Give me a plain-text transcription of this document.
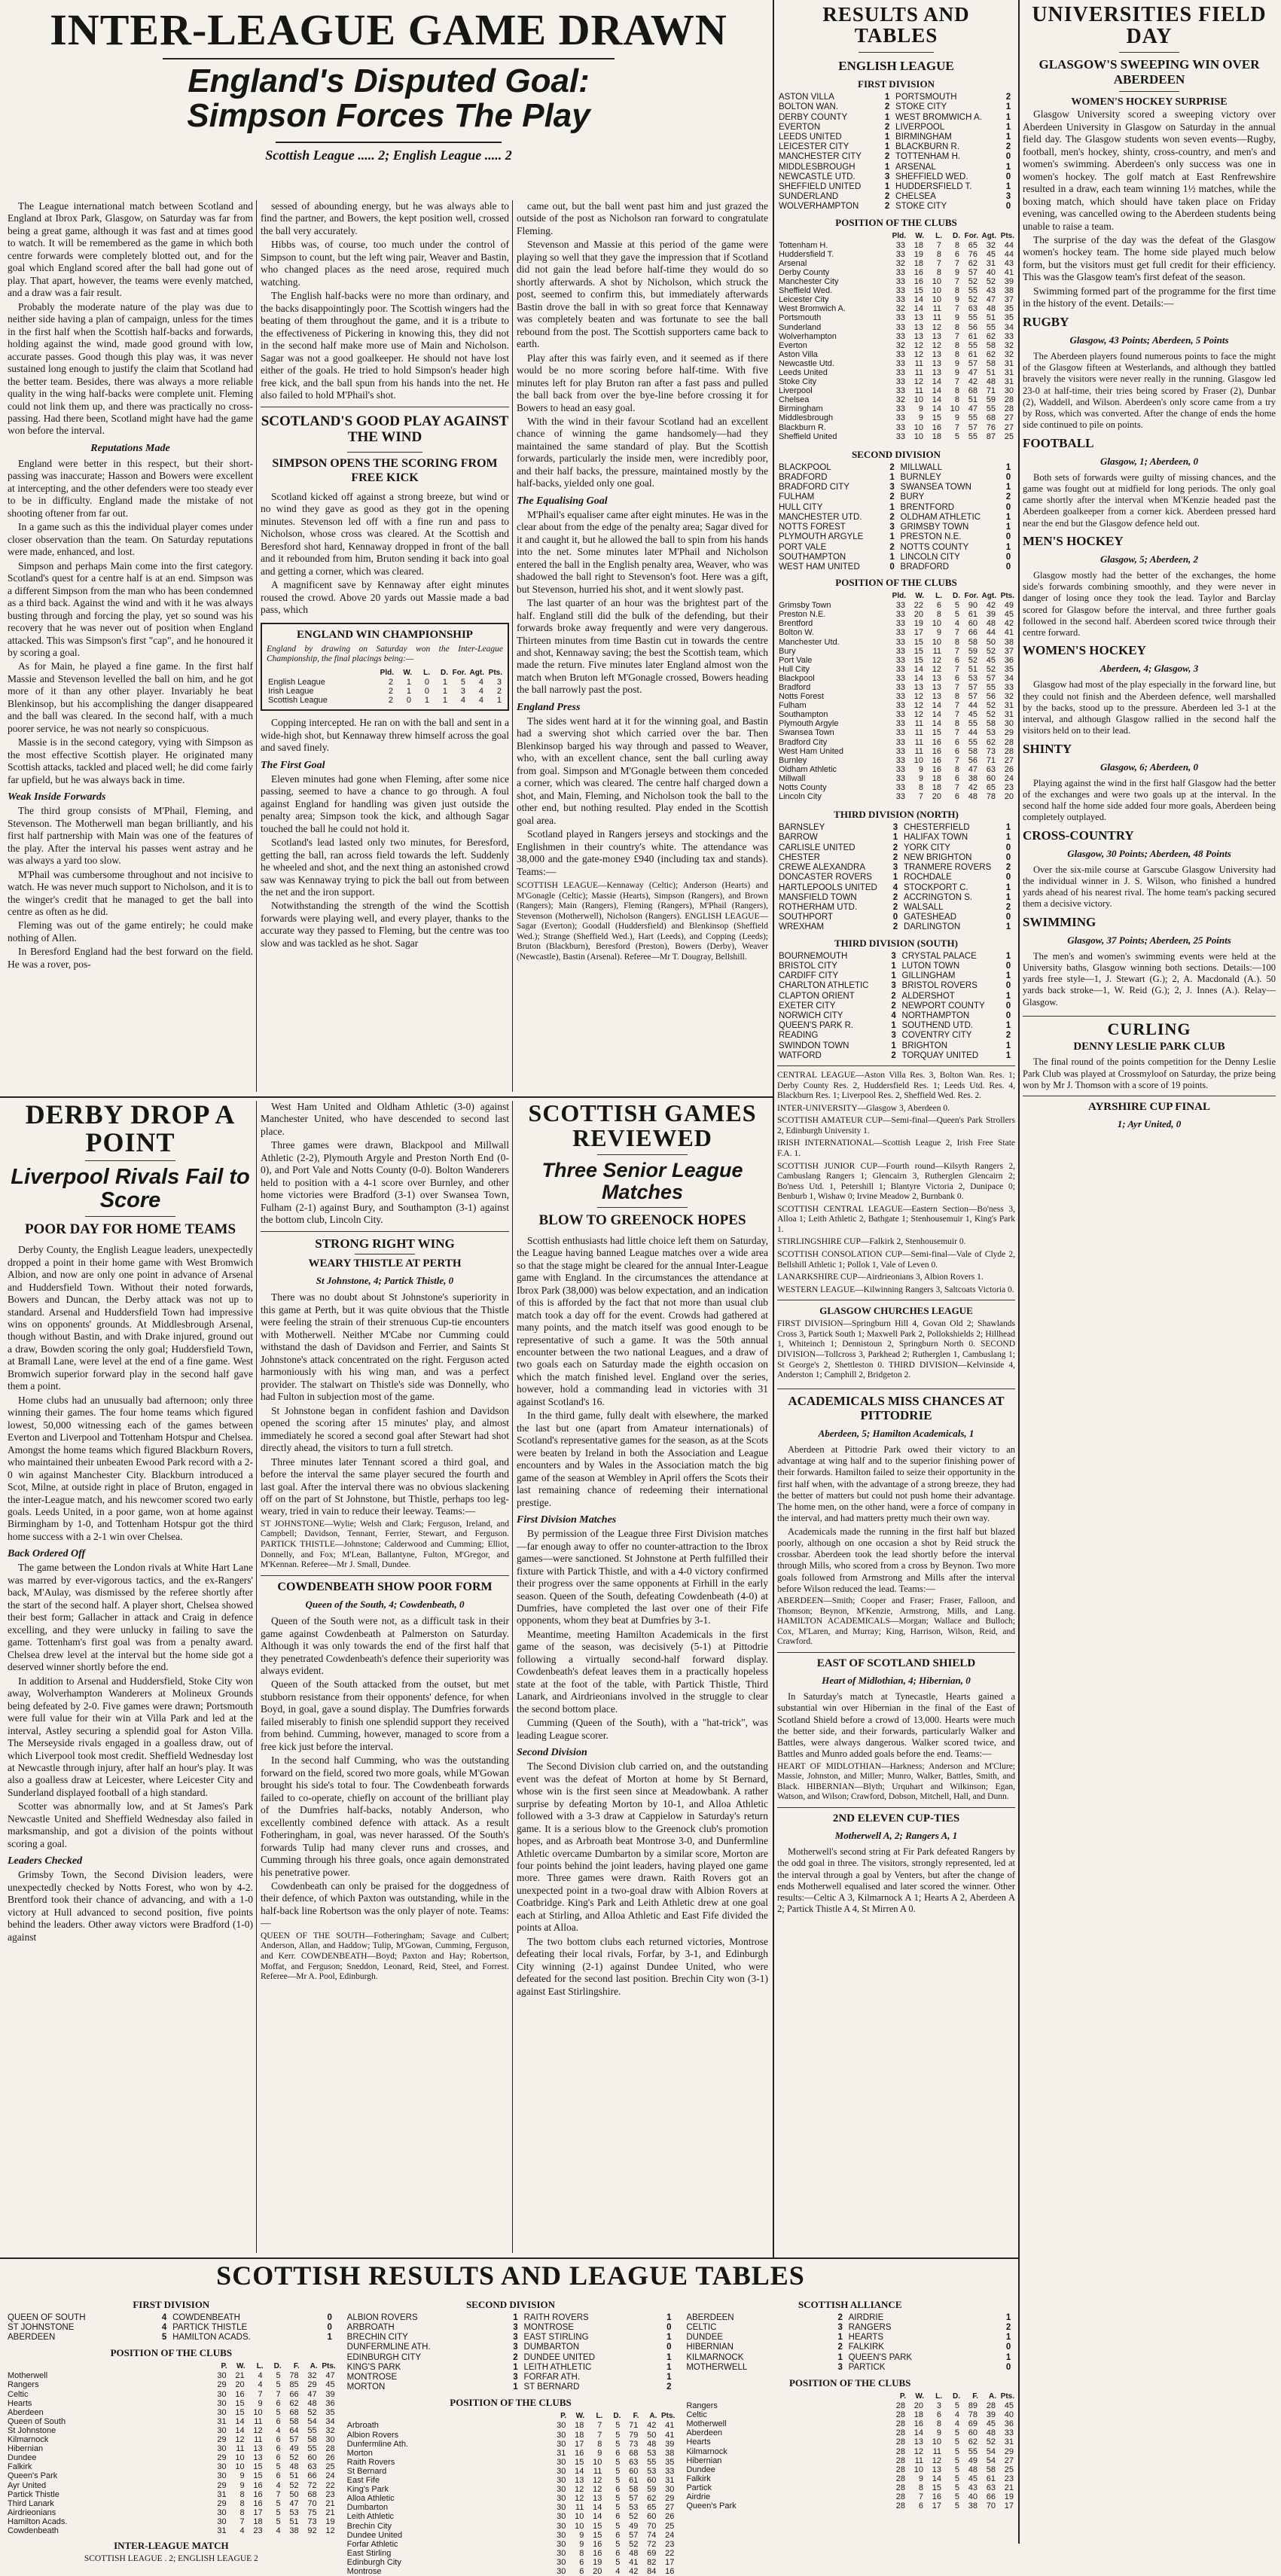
INTER-LEAGUE GAME DRAWN
England's Disputed Goal: Simpson Forces The Play
Scottish League ..... 2; English League ..... 2

The League international match between Scotland and England at Ibrox Park, Glasgow, on Saturday was far from being a great game, although it was fast and at times good to watch. It will be remembered as the game in which both centre forwards were completely blotted out, and for the goal which England scored after the ball had gone out of play. That apart, however, the teams were evenly matched, and a draw was a fair result.

Probably the moderate nature of the play was due to neither side having a plan of campaign, unless for the times in the first half when the Scottish half-backs and forwards, holding against the wind, made good ground with low, accurate passes. Good though this play was, it was never sustained long enough to justify the claim that Scotland had the better team. Besides, there was always a more reliable quality in the wing half-backs were complete unit. Fleming could not link them up, and there was practically no cross-passing. Had there been, Scotland might have had the game won before the interval.

Reputations Made

England were better in this respect, but their short-passing was inaccurate; Hasson and Bowers were excellent at intercepting, and the other defenders were too steady ever to be in difficulty. England made the mistake of not shooting oftener from far out.

In a game such as this the individual player comes under closer observation than the team. On Saturday reputations were made, enhanced, and lost.

Simpson and perhaps Main come into the first category. Scotland's quest for a centre half is at an end. Simpson was a different Simpson from the man who has been condemned as a third back. Against the wind and with it he was always busting through and forcing the play, yet so sound was his recovery that he was never out of position when England attacked. This was Simpson's first "cap", and he honoured it by scoring a goal.

As for Main, he played a fine game. In the first half Massie and Stevenson levelled the ball on him, and he got more of it than any other player. Invariably he beat Blenkinsop, but his accomplishing the danger disappeared and the ball was cleared. In the second half, with a much poorer service, he was not nearly so conspicuous.

Massie is in the second category, vying with Simpson as the most effective Scottish player. He originated many Scottish attacks, tackled and placed well; he did come fairly far upfield, but he was always back in time.

Weak Inside Forwards

The third group consists of M'Phail, Fleming, and Stevenson. The Motherwell man began brilliantly, and his first half partnership with Main was one of the features of the play. After the interval his passes went astray and he was always a yard too slow.

M'Phail was cumbersome throughout and not incisive to watch. He was never much support to Nicholson, and it is to the winger's credit that he managed to get the ball into centre as often as he did.

Fleming was out of the game entirely; he could make nothing of Allen.

In Beresford England had the best forward on the field. He was a rover, pos-

sessed of abounding energy, but he was always able to find the partner, and Bowers, the kept position well, crossed the ball very accurately.

Hibbs was, of course, too much under the control of Simpson to count, but the left wing pair, Weaver and Bastin, who changed places as the need arose, required much watching.

The English half-backs were no more than ordinary, and the backs disappointingly poor. The Scottish wingers had the beating of them throughout the game, and it is a tribute to the effectiveness of Pickering in knowing this, they did not in the second half make more use of Main and Nicholson. Sagar was not a good goalkeeper. He should not have lost either of the goals. He tried to hold Simpson's header high free kick, and the ball spun from his hands into the net. He also failed to hold M'Phail's shot.

SCOTLAND'S GOOD PLAY AGAINST THE WIND
SIMPSON OPENS THE SCORING FROM FREE KICK

Scotland kicked off against a strong breeze, but wind or no wind they gave as good as they got in the opening minutes. Stevenson led off with a fine run and pass to Nicholson, whose cross was cleared. At the Scottish and Beresford shot hard, Kennaway dropped in front of the ball and it rebounded from him, Bruton sending it back into goal and getting a corner, which was cleared.

A magnificent save by Kennaway after eight minutes roused the crowd. Above 20 yards out Massie made a bad pass, which

ENGLAND WIN CHAMPIONSHIP
England by drawing on Saturday won the Inter-League Championship, the final placings being:—
	Pld.	W.	L.	D.	For.	Agt.	Pts.
English League	2	1	0	1	5	4	3
Irish League	2	1	0	1	3	4	2
Scottish League	2	0	1	1	4	4	1

Copping intercepted. He ran on with the ball and sent in a wide-high shot, but Kennaway threw himself across the goal and saved finely.

The First Goal

Eleven minutes had gone when Fleming, after some nice passing, seemed to have a chance to go through. A foul against England for handling was given just outside the penalty area; Simpson took the kick, and although Sagar touched the ball he could not hold it.

Scotland's lead lasted only two minutes, for Beresford, getting the ball, ran across field towards the left. Suddenly he wheeled and shot, and the next thing an astonished crowd saw was Kennaway trying to pick the ball out from between the net and the iron support.

Notwithstanding the strength of the wind the Scottish forwards were playing well, and every player, thanks to the accurate way they passed to Fleming, but the centre was too slow and was tackled as he shot. Sagar

came out, but the ball went past him and just grazed the outside of the post as Nicholson ran forward to congratulate Fleming.

Stevenson and Massie at this period of the game were playing so well that they gave the impression that if Scotland did not gain the lead before half-time they would do so shortly afterwards. A shot by Nicholson, which struck the post, seemed to confirm this, but immediately afterwards Bastin drove the ball in with so great force that Kennaway was completely beaten and was fortunate to see the ball rebound from the post. The Scottish supporters came back to earth.

Play after this was fairly even, and it seemed as if there would be no more scoring before half-time. With five minutes left for play Bruton ran after a fast pass and pulled the ball back from over the bye-line before crossing it for Bowers to head an easy goal.

With the wind in their favour Scotland had an excellent chance of winning the game handsomely—had they maintained the same standard of play. But the Scottish forwards, particularly the inside men, were incredibly poor, and their half backs, the pressure, maintained mostly by the half-backs, yielded only one goal.

The Equalising Goal

M'Phail's equaliser came after eight minutes. He was in the clear about from the edge of the penalty area; Sagar dived for it and caught it, but he allowed the ball to spin from his hands into the net. Some minutes later M'Phail and Nicholson entered the ball in the English penalty area, Weaver, who was shadowed the ball right to Stevenson's foot. Here was a gift, but Stevenson, hurried his shot, and it went slowly past.

The last quarter of an hour was the brightest part of the half. England still did the bulk of the defending, but their forwards broke away frequently and were very dangerous. Thirteen minutes from time Bastin cut in towards the centre and shot, Kennaway saving; the best the Scottish team, which made the return. Five minutes later England almost won the match when Bruton left M'Gonagle crossed, Bowers heading the ball narrowly past the post.

England Press

The sides went hard at it for the winning goal, and Bastin had a swerving shot which carried over the bar. Then Blenkinsop barged his way through and passed to Weaver, who, with an excellent chance, sent the ball curling away from goal. Simpson and M'Gonagle between them conceded a corner, which was cleared. The centre half charged down a shot, and Main, Fleming, and Nicholson took the ball to the other end, but nothing resulted. Play ended in the Scottish goal area.

Scotland played in Rangers jerseys and stockings and the Englishmen in their country's white. The attendance was 38,000 and the gate-money £940 (including tax and stands). Teams:—

SCOTTISH LEAGUE—Kennaway (Celtic); Anderson (Hearts) and M'Gonagle (Celtic); Massie (Hearts), Simpson (Rangers), and Brown (Rangers); Main (Rangers), Fleming (Rangers), M'Phail (Rangers), Stevenson (Motherwell), Nicholson (Rangers). ENGLISH LEAGUE—Sagar (Everton); Goodall (Huddersfield) and Blenkinsop (Sheffield Wed.); Strange (Sheffield Wed.), Hart (Leeds), and Copping (Leeds); Bruton (Blackburn), Beresford (Preston), Bowers (Derby), Weaver (Newcastle), Bastin (Arsenal). Referee—Mr T. Dougray, Bellshill.
RESULTS AND TABLES
ENGLISH LEAGUE
FIRST DIVISION
ASTON VILLA	1	PORTSMOUTH	2
BOLTON WAN.	2	STOKE CITY	1
DERBY COUNTY	1	WEST BROMWICH A.	1
EVERTON	2	LIVERPOOL	1
LEEDS UNITED	1	BIRMINGHAM	1
LEICESTER CITY	1	BLACKBURN R.	2
MANCHESTER CITY	2	TOTTENHAM H.	0
MIDDLESBROUGH	1	ARSENAL	1
NEWCASTLE UTD.	3	SHEFFIELD WED.	0
SHEFFIELD UNITED	1	HUDDERSFIELD T.	1
SUNDERLAND	2	CHELSEA	3
WOLVERHAMPTON	2	STOKE CITY	0
POSITION OF THE CLUBS
	Pld.	W.	L.	D.	For.	Agt.	Pts.
Tottenham H.	33	18	7	8	65	32	44
Huddersfield T.	33	19	8	6	76	45	44
Arsenal	32	18	7	7	62	31	43
Derby County	33	16	8	9	57	40	41
Manchester City	33	16	10	7	52	52	39
Sheffield Wed.	33	15	10	8	55	43	38
Leicester City	33	14	10	9	52	47	37
West Bromwich A.	32	14	11	7	63	48	35
Portsmouth	33	13	11	9	55	51	35
Sunderland	33	13	12	8	56	55	34
Wolverhampton	33	13	13	7	61	62	33
Everton	32	12	12	8	55	58	32
Aston Villa	33	12	13	8	61	62	32
Newcastle Utd.	33	11	13	9	57	58	31
Leeds United	33	11	13	9	47	51	31
Stoke City	33	12	14	7	42	48	31
Liverpool	33	11	14	8	68	71	30
Chelsea	32	10	14	8	51	59	28
Birmingham	33	9	14	10	47	55	28
Middlesbrough	33	9	15	9	55	68	27
Blackburn R.	33	10	16	7	57	76	27
Sheffield United	33	10	18	5	55	87	25
SECOND DIVISION
BLACKPOOL	2	MILLWALL	1
BRADFORD	1	BURNLEY	0
BRADFORD CITY	3	SWANSEA TOWN	1
FULHAM	2	BURY	2
HULL CITY	1	BRENTFORD	0
MANCHESTER UTD.	2	OLDHAM ATHLETIC	1
NOTTS FOREST	3	GRIMSBY TOWN	1
PLYMOUTH ARGYLE	1	PRESTON N.E.	0
PORT VALE	2	NOTTS COUNTY	1
SOUTHAMPTON	1	LINCOLN CITY	0
WEST HAM UNITED	0	BRADFORD	0
POSITION OF THE CLUBS
	Pld.	W.	L.	D.	For.	Agt.	Pts.
Grimsby Town	33	22	6	5	90	42	49
Preston N.E.	33	20	8	5	61	39	45
Brentford	33	19	10	4	60	48	42
Bolton W.	33	17	9	7	66	44	41
Manchester Utd.	33	15	10	8	58	50	38
Bury	33	15	11	7	59	52	37
Port Vale	33	15	12	6	52	45	36
Hull City	33	14	12	7	51	52	35
Blackpool	33	14	13	6	53	57	34
Bradford	33	13	13	7	57	55	33
Notts Forest	33	12	13	8	57	56	32
Fulham	33	12	14	7	44	52	31
Southampton	33	12	14	7	45	52	31
Plymouth Argyle	33	11	14	8	55	58	30
Swansea Town	33	11	15	7	44	53	29
Bradford City	33	11	16	6	55	62	28
West Ham United	33	11	16	6	58	73	28
Burnley	33	10	16	7	56	71	27
Oldham Athletic	33	9	16	8	47	63	26
Millwall	33	9	18	6	38	60	24
Notts County	33	8	18	7	42	65	23
Lincoln City	33	7	20	6	48	78	20
THIRD DIVISION (NORTH)
BARNSLEY	3	CHESTERFIELD	1
BARROW	1	HALIFAX TOWN	1
CARLISLE UNITED	2	YORK CITY	0
CHESTER	2	NEW BRIGHTON	0
CREWE ALEXANDRA	3	TRANMERE ROVERS	2
DONCASTER ROVERS	1	ROCHDALE	0
HARTLEPOOLS UNITED	4	STOCKPORT C.	1
MANSFIELD TOWN	2	ACCRINGTON S.	1
ROTHERHAM UTD.	2	WALSALL	2
SOUTHPORT	0	GATESHEAD	0
WREXHAM	2	DARLINGTON	1
THIRD DIVISION (SOUTH)
BOURNEMOUTH	3	CRYSTAL PALACE	1
BRISTOL CITY	1	LUTON TOWN	0
CARDIFF CITY	1	GILLINGHAM	1
CHARLTON ATHLETIC	3	BRISTOL ROVERS	0
CLAPTON ORIENT	2	ALDERSHOT	1
EXETER CITY	2	NEWPORT COUNTY	0
NORWICH CITY	4	NORTHAMPTON	0
QUEEN'S PARK R.	1	SOUTHEND UTD.	1
READING	3	COVENTRY CITY	2
SWINDON TOWN	1	BRIGHTON	1
WATFORD	2	TORQUAY UNITED	1
CENTRAL LEAGUE—Aston Villa Res. 3, Bolton Wan. Res. 1; Derby County Res. 2, Huddersfield Res. 1; Leeds Utd. Res. 4, Blackburn Res. 1; Liverpool Res. 2, Sheffield Wed. Res. 2.
INTER-UNIVERSITY—Glasgow 3, Aberdeen 0.
SCOTTISH AMATEUR CUP—Semi-final—Queen's Park Strollers 2, Edinburgh University 1.
IRISH INTERNATIONAL—Scottish League 2, Irish Free State F.A. 1.
SCOTTISH JUNIOR CUP—Fourth round—Kilsyth Rangers 2, Cambuslang Rangers 1; Glencairn 3, Rutherglen Glencairn 2; Bo'ness Utd. 1, Petershill 1; Blantyre Victoria 2, Dunipace 0; Benburb 1, Wishaw 0; Irvine Meadow 2, Burnbank 0.
SCOTTISH CENTRAL LEAGUE—Eastern Section—Bo'ness 3, Alloa 1; Leith Athletic 2, Bathgate 1; Stenhousemuir 1, King's Park 1.
STIRLINGSHIRE CUP—Falkirk 2, Stenhousemuir 0.
SCOTTISH CONSOLATION CUP—Semi-final—Vale of Clyde 2, Bellshill Athletic 1; Pollok 1, Vale of Leven 0.
LANARKSHIRE CUP—Airdrieonians 3, Albion Rovers 1.
WESTERN LEAGUE—Kilwinning Rangers 3, Saltcoats Victoria 0.
GLASGOW CHURCHES LEAGUE
FIRST DIVISION—Springburn Hill 4, Govan Old 2; Shawlands Cross 3, Partick South 1; Maxwell Park 2, Pollokshields 2; Hillhead 1, Whiteinch 1; Dennistoun 2, Springburn North 0. SECOND DIVISION—Tollcross 3, Parkhead 2; Rutherglen 1, Cambuslang 1; St George's 2, Shettleston 0. THIRD DIVISION—Kelvinside 4, Anderston 1; Camphill 2, Bridgeton 2.
ACADEMICALS MISS CHANCES AT PITTODRIE
Aberdeen, 5; Hamilton Academicals, 1

Aberdeen at Pittodrie Park owed their victory to an advantage at wing half and to the superior finishing power of their forwards. Hamilton failed to seize their opportunity in the first half when, with the advantage of a strong breeze, they had the better of matters but could not push home their advantage. The home men, on the other hand, were a force of company in the interval, and had matters pretty much their own way.

Academicals made the running in the first half but blazed poorly, although on one occasion a shot by Reid struck the crossbar. Aberdeen took the lead shortly before the interval through Mills, who scored from a cross by Beynon. Two more goals followed from Armstrong and Mills after the interval before Wilson reduced the lead. Teams:—

ABERDEEN—Smith; Cooper and Fraser; Fraser, Falloon, and Thomson; Beynon, M'Kenzie, Armstrong, Mills, and Lang. HAMILTON ACADEMICALS—Morgan; Wallace and Bulloch; Cox, M'Laren, and Murray; King, Harrison, Wilson, Reid, and Crawford.
EAST OF SCOTLAND SHIELD
Heart of Midlothian, 4; Hibernian, 0

In Saturday's match at Tynecastle, Hearts gained a substantial win over Hibernian in the final of the East of Scotland Shield before a crowd of 13,000. Hearts were much the better side, and their forwards, particularly Walker and Battles, were always dangerous. Walker scored twice, and Battles and Munro added goals before the end. Teams:—

HEART OF MIDLOTHIAN—Harkness; Anderson and M'Clure; Massie, Johnston, and Miller; Munro, Walker, Battles, Smith, and Black. HIBERNIAN—Blyth; Urquhart and Wilkinson; Egan, Watson, and Wilson; Crawford, Dobson, Mitchell, Hall, and Dunn.
2ND ELEVEN CUP-TIES
Motherwell A, 2; Rangers A, 1

Motherwell's second string at Fir Park defeated Rangers by the odd goal in three. The visitors, strongly represented, led at the interval through a goal by Venters, but after the change of ends Motherwell equalised and later scored the winner. Other results:—Celtic A 3, Kilmarnock A 1; Hearts A 2, Aberdeen A 2; Partick Thistle A 4, St Mirren A 0.

UNIVERSITIES FIELD DAY
GLASGOW'S SWEEPING WIN OVER ABERDEEN
WOMEN'S HOCKEY SURPRISE

Glasgow University scored a sweeping victory over Aberdeen University in Glasgow on Saturday in the annual field day. The Glasgow students won seven events—Rugby, football, men's hockey, shinty, cross-country, and men's and women's swimming. Aberdeen's only success was one in women's hockey. The golf match at East Renfrewshire resulted in a draw, each team winning 1½ matches, while the boxing match, which should have taken place on Friday evening, was cancelled owing to the Aberdeen students being unable to raise a team.

The surprise of the day was the defeat of the Glasgow women's hockey team. The home side played much below form, but the visitors must get full credit for their efficiency. This was the Glasgow team's first defeat of the season.

Swimming formed part of the programme for the first time in the history of the event. Details:—

RUGBY
Glasgow, 43 Points; Aberdeen, 5 Points
The Aberdeen players found numerous points to face the might of the Glasgow fifteen at Westerlands, and although they battled bravely the visitors were never really in the running. Glasgow led 23-0 at half-time, their tries being scored by Fraser (2), Dunbar (2), Waddell, and Wilson. Aberdeen's only score came from a try by Ross, which was converted. After the change of ends the home side continued to pile on points.
FOOTBALL
Glasgow, 1; Aberdeen, 0
Both sets of forwards were guilty of missing chances, and the game was fought out at midfield for long periods. The only goal came shortly after the interval when M'Kenzie headed past the Aberdeen goalkeeper from a corner kick. Aberdeen pressed hard near the end but the Glasgow defence held out.
MEN'S HOCKEY
Glasgow, 5; Aberdeen, 2
Glasgow mostly had the better of the exchanges, the home side's forwards combining smoothly, and they were never in danger of losing once they took the lead. Taylor and Barclay scored for Glasgow before the interval, and three further goals followed in the second half. Aberdeen scored twice through their centre forward.
WOMEN'S HOCKEY
Aberdeen, 4; Glasgow, 3
Glasgow had most of the play especially in the forward line, but they could not finish and the Aberdeen defence, well marshalled by the backs, stood up to the pressure. Aberdeen led 3-1 at the interval, and although Glasgow rallied in the second half the visitors held on to their lead.
SHINTY
Glasgow, 6; Aberdeen, 0
Playing against the wind in the first half Glasgow had the better of the exchanges and were two goals up at the interval. In the second half the home side added four more goals, Aberdeen being completely outplayed.
CROSS-COUNTRY
Glasgow, 30 Points; Aberdeen, 48 Points
Over the six-mile course at Garscube Glasgow University had the individual winner in J. S. Wilson, who finished a hundred yards ahead of his nearest rival. The home team's packing secured them a decisive victory.
SWIMMING
Glasgow, 37 Points; Aberdeen, 25 Points
The men's and women's swimming events were held at the University baths, Glasgow winning both sections. Details:—100 yards free style—1, J. Stewart (G.); 2, A. Macdonald (A.). 50 yards back stroke—1, W. Reid (G.); 2, J. Innes (A.). Relay—Glasgow.
CURLING
DENNY LESLIE PARK CLUB
The final round of the points competition for the Denny Leslie Park Club was played at Crossmyloof on Saturday, the prize being won by Mr J. Thomson with a score of 19 points.
AYRSHIRE CUP FINAL
1; Ayr United, 0
DERBY DROP A POINT
Liverpool Rivals Fail to Score
POOR DAY FOR HOME TEAMS

Derby County, the English League leaders, unexpectedly dropped a point in their home game with West Bromwich Albion, and now are only one point in advance of Arsenal and Huddersfield Town. Without their noted forwards, Bowers and Duncan, the Derby attack was not up to standard. Arsenal and Huddersfield Town had impressive wins on opponents' grounds. At Middlesbrough Arsenal, though without Bastin, and with Drake injured, ground out a draw, Bowden scoring the only goal; Huddersfield Town, at Bramall Lane, were level at the end of a fine game. West Bromwich superior forward play in the second half gave them a point.

Home clubs had an unusually bad afternoon; only three winning their games. The four home teams which figured lowest, 50,000 witnessing each of the games between Everton and Liverpool and Tottenham Hotspur and Chelsea. Amongst the home teams which figured Blackburn Rovers, who maintained their unbeaten Ewood Park record with a 2-0 win against Manchester City. Blackburn introduced a Scot, Milne, at outside right in place of Bruton, engaged in the inter-League match, and his newcomer scored two early goals. Leeds United, in a poor game, won at home against Birmingham by 1-0, and Tottenham Hotspur got the third home success with a 2-1 win over Chelsea.

Back Ordered Off

The game between the London rivals at White Hart Lane was marred by ever-vigorous tactics, and the ex-Rangers' back, M'Aulay, was dismissed by the referee shortly after the start of the second half. A player short, Chelsea showed their best form; Gallacher in attack and Craig in defence excelling, and they were unlucky in failing to save the game. Tottenham's first goal was from a penalty award. Chelsea drew level at the interval but the home side got a deserved winner shortly before the end.

In addition to Arsenal and Huddersfield, Stoke City won away, Wolverhampton Wanderers at Molineux Grounds being defeated by 2-0. Five games were drawn; Portsmouth were full value for their win at Villa Park and led at the interval, Astley securing a splendid goal for Aston Villa. The Merseyside rivals engaged in a goalless draw, out of which Liverpool took most credit. Sheffield Wednesday lost at Newcastle through injury, after half an hour's play. It was also a goalless draw at Leicester, where Leicester City and Sunderland displayed football of a high standard.

Scotter was abnormally low, and at St James's Park Newcastle United and Sheffield Wednesday also failed in marksmanship, and got a division of the points without scoring a goal.

Leaders Checked

Grimsby Town, the Second Division leaders, were unexpectedly checked by Notts Forest, who won by 4-2. Brentford took their chance of advancing, and with a 1-0 victory at Hull advanced to second position, five points behind the leaders. Other away victors were Bradford (1-0) against

West Ham United and Oldham Athletic (3-0) against Manchester United, who have descended to second last place.

Three games were drawn, Blackpool and Millwall Athletic (2-2), Plymouth Argyle and Preston North End (0-0), and Port Vale and Notts County (0-0). Bolton Wanderers held to position with a 4-1 score over Burnley, and other home victories were Bradford (3-1) over Swansea Town, Fulham (2-1) against Bury, and Southampton (3-1) against the bottom club, Lincoln City.

STRONG RIGHT WING
WEARY THISTLE AT PERTH
St Johnstone, 4; Partick Thistle, 0

There was no doubt about St Johnstone's superiority in this game at Perth, but it was quite obvious that the Thistle were feeling the strain of their strenuous Cup-tie encounters with Motherwell. Neither M'Cabe nor Cumming could withstand the dash of Davidson and Ferrier, and Saints St Johnstone's attack concentrated on the right. Ferguson acted harmoniously with his wing man, and was a perfect provider. The stalwart on Thistle's side was Donnelly, who had Fulton in subjection most of the game.

St Johnstone began in confident fashion and Davidson opened the scoring after 15 minutes' play, and almost immediately he scored a second goal after Stewart had shot directly ahead, the visitors to turn a full stretch.

Three minutes later Tennant scored a third goal, and before the interval the same player secured the fourth and last goal. After the interval there was no obvious slackening off on the part of St Johnstone, but Thistle, perhaps too leg-weary, tried in vain to reduce their leeway. Teams:—

ST JOHNSTONE—Wylie; Welsh and Clark; Ferguson, Ireland, and Campbell; Davidson, Tennant, Ferrier, Stewart, and Ferguson. PARTICK THISTLE—Johnstone; Calderwood and Cumming; Elliot, Donnelly, and Fox; M'Lean, Ballantyne, Fulton, M'Gregor, and M'Kennan. Referee—Mr J. Small, Dundee.
COWDENBEATH SHOW POOR FORM
Queen of the South, 4; Cowdenbeath, 0

Queen of the South were not, as a difficult task in their game against Cowdenbeath at Palmerston on Saturday. Although it was only towards the end of the first half that they penetrated Cowdenbeath's defence their superiority was always evident.

Queen of the South attacked from the outset, but met stubborn resistance from their opponents' defence, for when Boyd, in goal, gave a sound display. The Dumfries forwards failed miserably to finish one splendid support they received from behind. Cumming, however, managed to score from a free kick just before the interval.

In the second half Cumming, who was the outstanding forward on the field, scored two more goals, while M'Gowan brought his side's total to four. The Cowdenbeath forwards failed to co-operate, chiefly on account of the brilliant play of the Dumfries half-backs, notably Anderson, who excellently combined defence with attack. As a result Fotheringham, in goal, was never harassed. Of the South's forwards Tulip had many clever runs and crosses, and Cumming through his three goals, once again demonstrated his penetrative power.

Cowdenbeath can only be praised for the doggedness of their defence, of which Paxton was outstanding, while in the half-back line Robertson was the only player of note. Teams:—

QUEEN OF THE SOUTH—Fotheringham; Savage and Culbert; Anderson, Allan, and Haddow; Tulip, M'Gowan, Cumming, Ferguson, and Kerr. COWDENBEATH—Boyd; Paxton and Hay; Robertson, Moffat, and Ferguson; Sneddon, Leonard, Reid, Steel, and Forrest. Referee—Mr A. Pool, Edinburgh.
SCOTTISH GAMES REVIEWED
Three Senior League Matches
BLOW TO GREENOCK HOPES

Scottish enthusiasts had little choice left them on Saturday, the League having banned League matches over a wide area so that the stage might be cleared for the annual Inter-League game with England. In the circumstances the attendance at Ibrox Park (38,000) was below expectation, and an indication of this is afforded by the fact that not more than usual club match took a day off for the event. Crowds had gathered at many points, and the match itself was good enough to be representative of such a game. It was the 50th annual encounter between the two national Leagues, and a draw of two goals each on Saturday made the eighth occasion on which the match finished level. England over the series, however, hold a commanding lead in victories with 31 against Scotland's 16.

In the third game, fully dealt with elsewhere, the marked the last but one (apart from Amateur internationals) of Scotland's representative games for the season, as at the Scots were beaten by Ireland in both the Association and League encounters and by Wales in the Association match the big game of the season at Wembley in April offers the Scots their last remaining chance of redeeming their international prestige.

First Division Matches

By permission of the League three First Division matches—far enough away to offer no counter-attraction to the Ibrox games—were sanctioned. St Johnstone at Perth fulfilled their fixture with Partick Thistle, and with a 4-0 victory confirmed their progress over the same opponents at Firhill in the early season. Queen of the South, defeating Cowdenbeath (4-0) at Dumfries, have completed the last over one of their Fife opponents, whom they beat at Dumfries by 3-1.

Meantime, meeting Hamilton Academicals in the first game of the season, was decisively (5-1) at Pittodrie following a virtually second-half forward display. Cowdenbeath's defeat leaves them in a practically hopeless state at the foot of the table, with Partick Thistle, Third Lanark, and Airdrieonians involved in the struggle to clear the second bottom place.

Cumming (Queen of the South), with a "hat-trick", was leading League scorer.

Second Division

The Second Division club carried on, and the outstanding event was the defeat of Morton at home by St Bernard, whose win is the first seen since at Meadowbank. A rather surprise by defeating Morton by 10-1, and Alloa Athletic followed with a 3-3 draw at Cappielow in Saturday's return game. It is a serious blow to the Greenock club's promotion hopes, and as Arbroath beat Montrose 3-0, and Dunfermline Athletic overcame Dumbarton by a similar score, Morton are four points behind the joint leaders, having played one game more. Three games were drawn. Raith Rovers got an unexpected point in a two-goal draw with Albion Rovers at Coatbridge. King's Park and Leith Athletic drew at one goal each at Stirling, and Alloa Athletic and East Fife divided the points at Alloa.

The two bottom clubs each returned victories, Montrose defeating their local rivals, Forfar, by 3-1, and Edinburgh City winning (2-1) against Dundee United, who were defeated for the second last position. Brechin City won (3-1) against East Stirlingshire.

SCOTTISH RESULTS AND LEAGUE TABLES
FIRST DIVISION
QUEEN OF SOUTH	4	COWDENBEATH	0
ST JOHNSTONE	4	PARTICK THISTLE	0
ABERDEEN	5	HAMILTON ACADS.	1
POSITION OF THE CLUBS
	P.	W.	L.	D.	F.	A.	Pts.
Motherwell	30	21	4	5	78	32	47
Rangers	29	20	4	5	85	29	45
Celtic	30	16	7	7	66	47	39
Hearts	30	15	9	6	62	48	36
Aberdeen	30	15	10	5	68	52	35
Queen of South	31	14	11	6	58	54	34
St Johnstone	30	14	12	4	64	55	32
Kilmarnock	29	12	11	6	57	58	30
Hibernian	30	11	13	6	49	55	28
Dundee	29	10	13	6	52	60	26
Falkirk	30	10	15	5	48	63	25
Queen's Park	30	9	15	6	51	66	24
Ayr United	29	9	16	4	52	72	22
Partick Thistle	31	8	16	7	50	68	23
Third Lanark	29	8	16	5	47	70	21
Airdrieonians	30	8	17	5	53	75	21
Hamilton Acads.	30	7	18	5	51	73	19
Cowdenbeath	31	4	23	4	38	92	12
INTER-LEAGUE MATCH
SCOTTISH LEAGUE . 2; ENGLISH LEAGUE 2
SECOND DIVISION
ALBION ROVERS	1	RAITH ROVERS	1
ARBROATH	3	MONTROSE	0
BRECHIN CITY	3	EAST STIRLING	1
DUNFERMLINE ATH.	3	DUMBARTON	0
EDINBURGH CITY	2	DUNDEE UNITED	1
KING'S PARK	1	LEITH ATHLETIC	1
MONTROSE	3	FORFAR ATH.	1
MORTON	1	ST BERNARD	2
POSITION OF THE CLUBS
	P.	W.	L.	D.	F.	A.	Pts.
Arbroath	30	18	7	5	71	42	41
Albion Rovers	30	18	7	5	79	50	41
Dunfermline Ath.	30	17	8	5	73	48	39
Morton	31	16	9	6	68	53	38
Raith Rovers	30	15	10	5	63	55	35
St Bernard	30	14	11	5	60	53	33
East Fife	30	13	12	5	61	60	31
King's Park	30	12	12	6	58	59	30
Alloa Athletic	30	12	13	5	57	62	29
Dumbarton	30	11	14	5	53	65	27
Leith Athletic	30	10	14	6	52	60	26
Brechin City	30	10	15	5	49	70	25
Dundee United	30	9	15	6	57	74	24
Forfar Athletic	30	9	16	5	52	72	23
East Stirling	30	8	16	6	48	69	22
Edinburgh City	30	6	19	5	41	82	17
Montrose	30	6	20	4	42	84	16
SCOTTISH ALLIANCE
ABERDEEN	2	AIRDRIE	1
CELTIC	3	RANGERS	2
DUNDEE	1	HEARTS	1
HIBERNIAN	2	FALKIRK	0
KILMARNOCK	1	QUEEN'S PARK	1
MOTHERWELL	3	PARTICK	0
POSITION OF THE CLUBS
	P.	W.	L.	D.	F.	A.	Pts.
Rangers	28	20	3	5	89	28	45
Celtic	28	18	6	4	78	39	40
Motherwell	28	16	8	4	69	45	36
Aberdeen	28	14	9	5	60	48	33
Hearts	28	13	10	5	62	52	31
Kilmarnock	28	12	11	5	55	54	29
Hibernian	28	11	12	5	49	54	27
Dundee	28	10	13	5	48	58	25
Falkirk	28	9	14	5	45	61	23
Partick	28	8	15	5	43	63	21
Airdrie	28	7	16	5	40	66	19
Queen's Park	28	6	17	5	38	70	17
